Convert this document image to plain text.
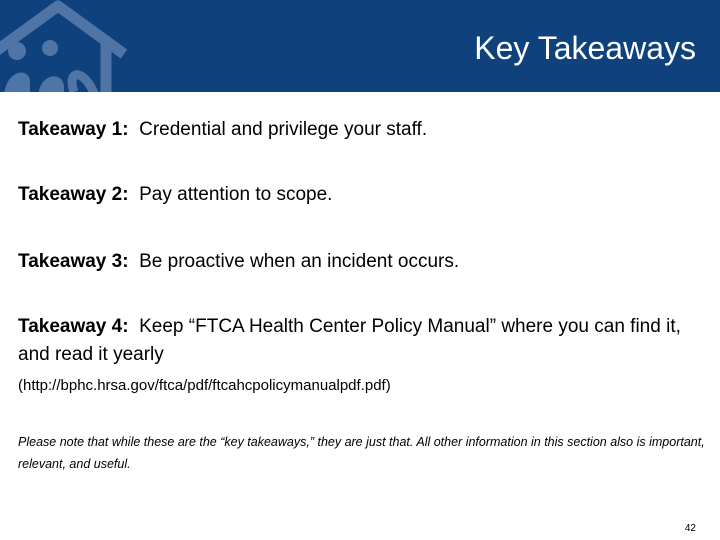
Key Takeaways
Takeaway 1: Credential and privilege your staff.
Takeaway 2: Pay attention to scope.
Takeaway 3: Be proactive when an incident occurs.
Takeaway 4: Keep “FTCA Health Center Policy Manual” where you can find it, and read it yearly
(http://bphc.hrsa.gov/ftca/pdf/ftcahcpolicymanualpdf.pdf)
Please note that while these are the “key takeaways,” they are just that. All other information in this section also is important, relevant, and useful.
42
